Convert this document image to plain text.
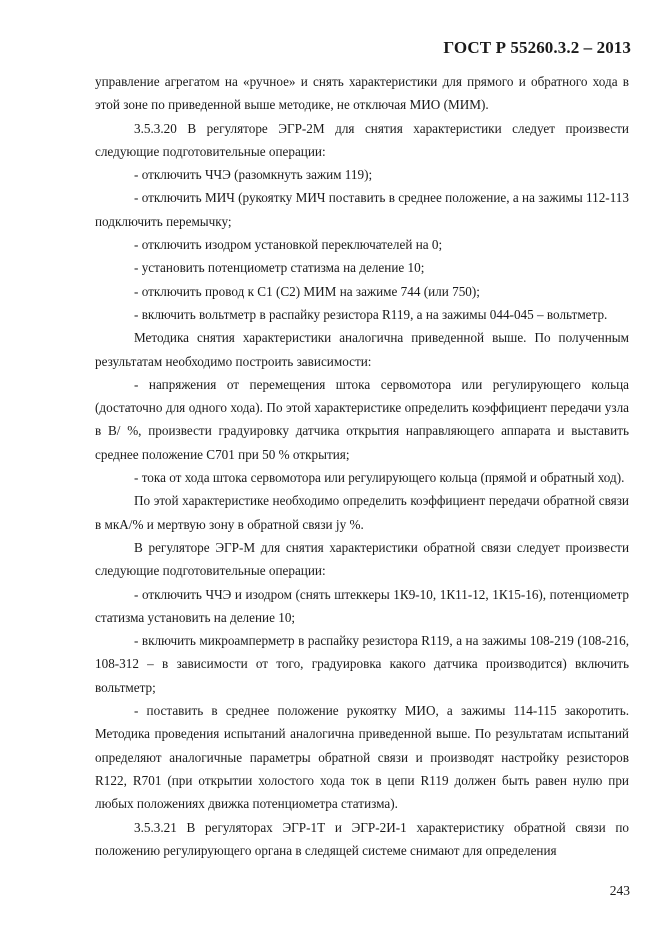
ГОСТ Р 55260.3.2 – 2013

управление агрегатом на «ручное» и снять характеристики для прямого и обратного хода в этой зоне по приведенной выше методике, не отключая МИО (МИМ).

3.5.3.20 В регуляторе ЭГР-2М для снятия характеристики следует произвести следующие подготовительные операции:

- отключить ЧЧЭ (разомкнуть зажим 119);

- отключить МИЧ (рукоятку МИЧ поставить в среднее положение, а на зажимы 112-113 подключить перемычку;

- отключить изодром установкой переключателей на 0;

- установить потенциометр статизма на деление 10;

- отключить провод к С1 (С2) МИМ на зажиме 744 (или 750);

- включить вольтметр в распайку резистора R119, а на зажимы 044-045 – вольтметр.

Методика снятия характеристики аналогична приведенной выше. По полученным результатам необходимо построить зависимости:

- напряжения от перемещения штока сервомотора или регулирующего кольца (достаточно для одного хода). По этой характеристике определить коэффициент передачи узла в В/ %, произвести градуировку датчика открытия направляющего аппарата и выставить среднее положение С701 при 50 % открытия;

- тока от хода штока сервомотора или регулирующего кольца (прямой и обратный ход).

По этой характеристике необходимо определить коэффициент передачи обратной связи в мкА/% и мертвую зону в обратной связи jy %.

В регуляторе ЭГР-М для снятия характеристики обратной связи следует произвести следующие подготовительные операции:

- отключить ЧЧЭ и изодром (снять штеккеры 1К9-10, 1К11-12, 1К15-16), потенциометр статизма установить на деление 10;

- включить микроамперметр в распайку резистора R119, а на зажимы 108-219 (108-216, 108-312 – в зависимости от того, градуировка какого датчика производится) включить вольтметр;

- поставить в среднее положение рукоятку МИО, а зажимы 114-115 закоротить. Методика проведения испытаний аналогична приведенной выше. По результатам испытаний определяют аналогичные параметры обратной связи и производят настройку резисторов R122, R701 (при открытии холостого хода ток в цепи R119 должен быть равен нулю при любых положениях движка потенциометра статизма).

3.5.3.21 В регуляторах ЭГР-1Т и ЭГР-2И-1 характеристику обратной связи по положению регулирующего органа в следящей системе снимают для определения

243
